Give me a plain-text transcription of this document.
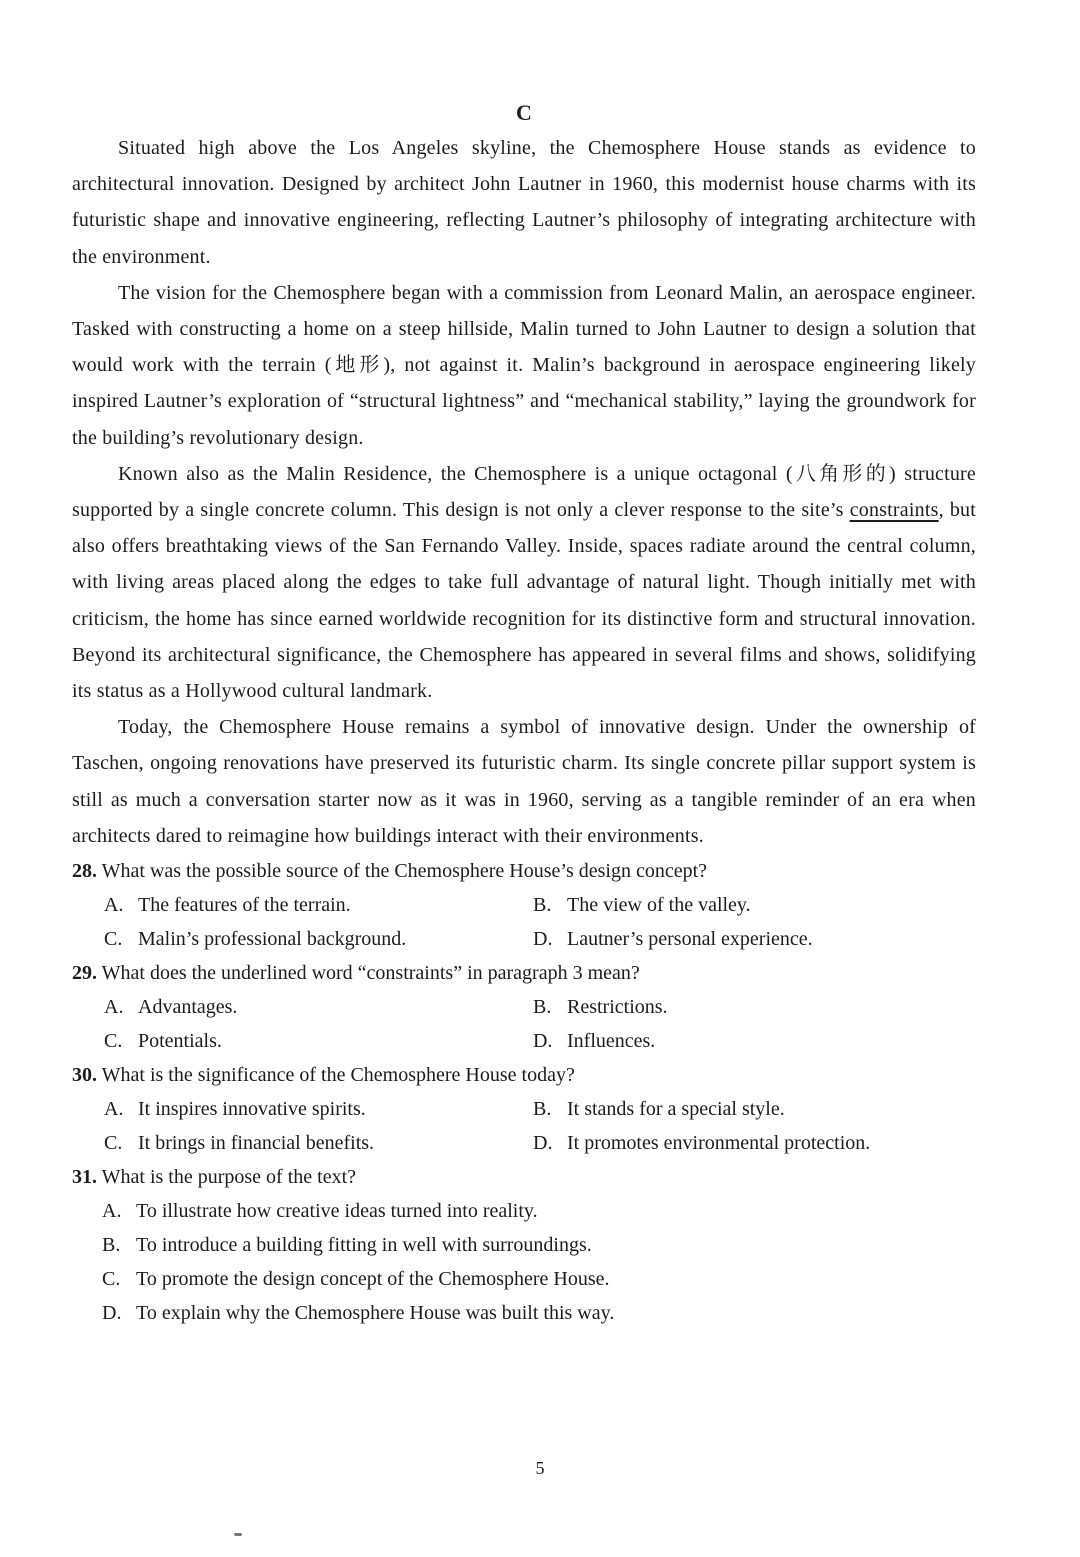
C

Situated high above the Los Angeles skyline, the Chemosphere House stands as evidence to architectural innovation. Designed by architect John Lautner in 1960, this modernist house charms with its futuristic shape and innovative engineering, reflecting Lautner’s philosophy of integrating architecture with the environment.

The vision for the Chemosphere began with a commission from Leonard Malin, an aerospace engineer. Tasked with constructing a home on a steep hillside, Malin turned to John Lautner to design a solution that would work with the terrain (地形), not against it. Malin’s background in aerospace engineering likely inspired Lautner’s exploration of “structural lightness” and “mechanical stability,” laying the groundwork for the building’s revolutionary design.

Known also as the Malin Residence, the Chemosphere is a unique octagonal (八角形的) structure supported by a single concrete column. This design is not only a clever response to the site’s constraints, but also offers breathtaking views of the San Fernando Valley. Inside, spaces radiate around the central column, with living areas placed along the edges to take full advantage of natural light. Though initially met with criticism, the home has since earned worldwide recognition for its distinctive form and structural innovation. Beyond its architectural significance, the Chemosphere has appeared in several films and shows, solidifying its status as a Hollywood cultural landmark.

Today, the Chemosphere House remains a symbol of innovative design. Under the ownership of Taschen, ongoing renovations have preserved its futuristic charm. Its single concrete pillar support system is still as much a conversation starter now as it was in 1960, serving as a tangible reminder of an era when architects dared to reimagine how buildings interact with their environments.

28. What was the possible source of the Chemosphere House’s design concept?
A. The features of the terrain.	B. The view of the valley.
C. Malin’s professional background.	D. Lautner’s personal experience.
29. What does the underlined word “constraints” in paragraph 3 mean?
A. Advantages.	B. Restrictions.
C. Potentials.	D. Influences.
30. What is the significance of the Chemosphere House today?
A. It inspires innovative spirits.	B. It stands for a special style.
C. It brings in financial benefits.	D. It promotes environmental protection.
31. What is the purpose of the text?
A. To illustrate how creative ideas turned into reality.
B. To introduce a building fitting in well with surroundings.
C. To promote the design concept of the Chemosphere House.
D. To explain why the Chemosphere House was built this way.
5
